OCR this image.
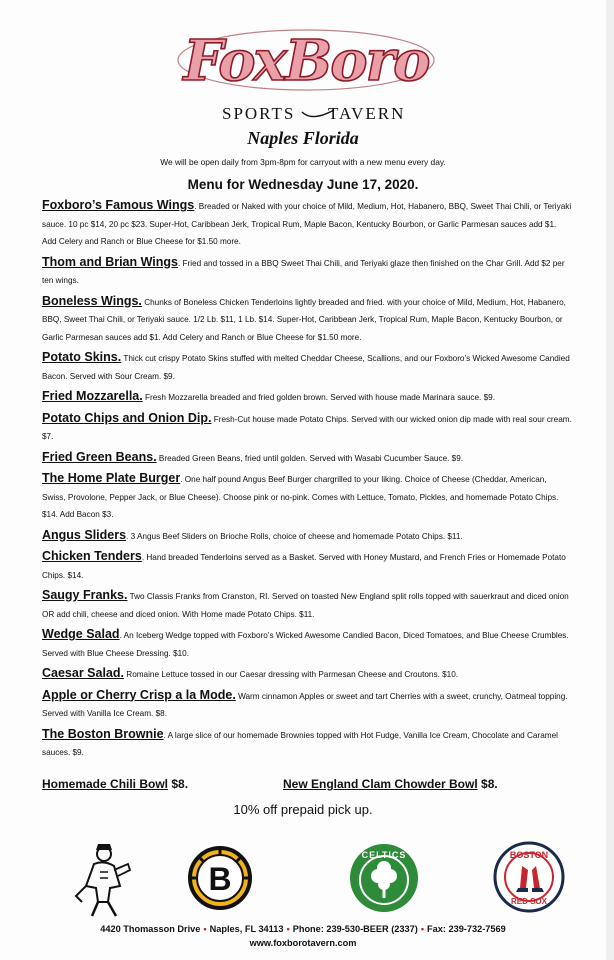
FoxBoro
SPORTS TAVERN
Naples Florida
We will be open daily from 3pm-8pm for carryout with a new menu every day.
Menu for Wednesday June 17, 2020.
Foxboro’s Famous Wings. Breaded or Naked with your choice of Mild, Medium, Hot, Habanero, BBQ, Sweet Thai Chili, or Teriyaki sauce. 10 pc $14, 20 pc $23. Super-Hot, Caribbean Jerk, Tropical Rum, Maple Bacon, Kentucky Bourbon, or Garlic Parmesan sauces add $1.
Add Celery and Ranch or Blue Cheese for $1.50 more.
Thom and Brian Wings. Fried and tossed in a BBQ Sweet Thai Chili, and Teriyaki glaze then finished on the Char Grill. Add $2 per ten wings.
Boneless Wings. Chunks of Boneless Chicken Tenderloins lightly breaded and fried. with your choice of Mild, Medium, Hot, Habanero, BBQ, Sweet Thai Chili, or Teriyaki sauce. 1/2 Lb. $11, 1 Lb. $14. Super-Hot, Caribbean Jerk, Tropical Rum, Maple Bacon, Kentucky Bourbon, or Garlic Parmesan sauces add $1. Add Celery and Ranch or Blue Cheese for $1.50 more.
Potato Skins. Thick cut crispy Potato Skins stuffed with melted Cheddar Cheese, Scallions, and our Foxboro’s Wicked Awesome Candied Bacon. Served with Sour Cream. $9.
Fried Mozzarella. Fresh Mozzarella breaded and fried golden brown. Served with house made Marinara sauce. $9.
Potato Chips and Onion Dip. Fresh-Cut house made Potato Chips. Served with our wicked onion dip made with real sour cream. $7.
Fried Green Beans. Breaded Green Beans, fried until golden. Served with Wasabi Cucumber Sauce. $9.
The Home Plate Burger. One half pound Angus Beef Burger chargrilled to your liking. Choice of Cheese (Cheddar, American, Swiss, Provolone, Pepper Jack, or Blue Cheese). Choose pink or no-pink. Comes with Lettuce, Tomato, Pickles, and homemade Potato Chips. $14. Add Bacon $3.
Angus Sliders. 3 Angus Beef Sliders on Brioche Rolls, choice of cheese and homemade Potato Chips. $11.
Chicken Tenders. Hand breaded Tenderloins served as a Basket. Served with Honey Mustard, and French Fries or Homemade Potato Chips. $14.
Saugy Franks. Two Classis Franks from Cranston, RI. Served on toasted New England split rolls topped with sauerkraut and diced onion OR add chili, cheese and diced onion. With Home made Potato Chips. $11.
Wedge Salad. An Iceberg Wedge topped with Foxboro’s Wicked Awesome Candied Bacon, Diced Tomatoes, and Blue Cheese Crumbles. Served with Blue Cheese Dressing. $10.
Caesar Salad. Romaine Lettuce tossed in our Caesar dressing with Parmesan Cheese and Croutons. $10.
Apple or Cherry Crisp a la Mode. Warm cinnamon Apples or sweet and tart Cherries with a sweet, crunchy, Oatmeal topping. Served with Vanilla Ice Cream. $8.
The Boston Brownie. A large slice of our homemade Brownies topped with Hot Fudge, Vanilla Ice Cream, Chocolate and Caramel sauces. $9.
Homemade Chili Bowl $8.	New England Clam Chowder Bowl $8.
10% off prepaid pick up.
B
CELTICS	BOSTON
RED SOX
4420 Thomasson Drive • Naples, FL 34113 • Phone: 239-530-BEER (2337) • Fax: 239-732-7569
www.foxborotavern.com
